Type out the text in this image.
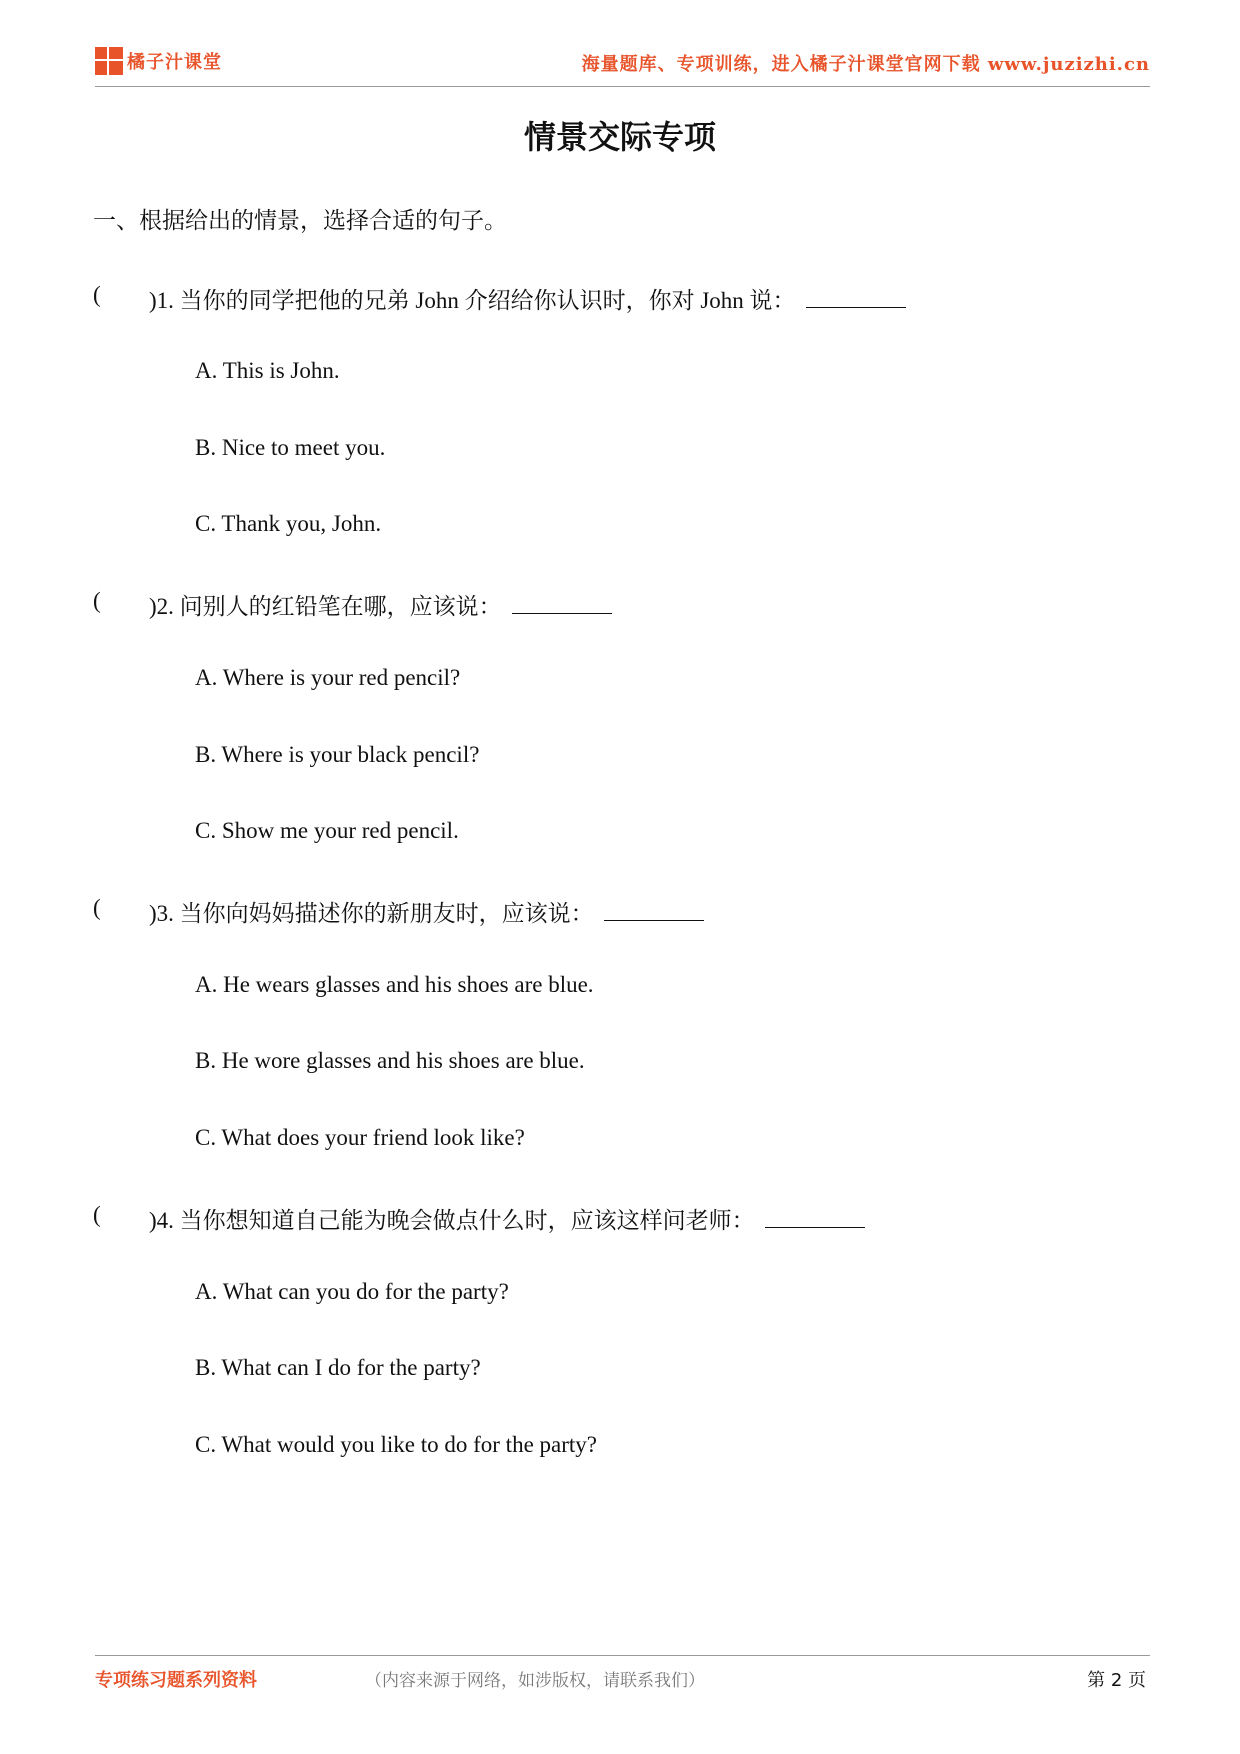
橘子汁课堂	海量题库、专项训练，进入橘子汁课堂官网下载 www.juzizhi.cn
情景交际专项
一、根据给出的情景，选择合适的句子。
( )1. 当你的同学把他的兄弟 John 介绍给你认识时，你对 John 说：
A. This is John.
B. Nice to meet you.
C. Thank you, John.
( )2. 问别人的红铅笔在哪，应该说：
A. Where is your red pencil?
B. Where is your black pencil?
C. Show me your red pencil.
( )3. 当你向妈妈描述你的新朋友时，应该说：
A. He wears glasses and his shoes are blue.
B. He wore glasses and his shoes are blue.
C. What does your friend look like?
( )4. 当你想知道自己能为晚会做点什么时，应该这样问老师：
A. What can you do for the party?
B. What can I do for the party?
C. What would you like to do for the party?
专项练习题系列资料	（内容来源于网络，如涉版权，请联系我们）	第 2 页
